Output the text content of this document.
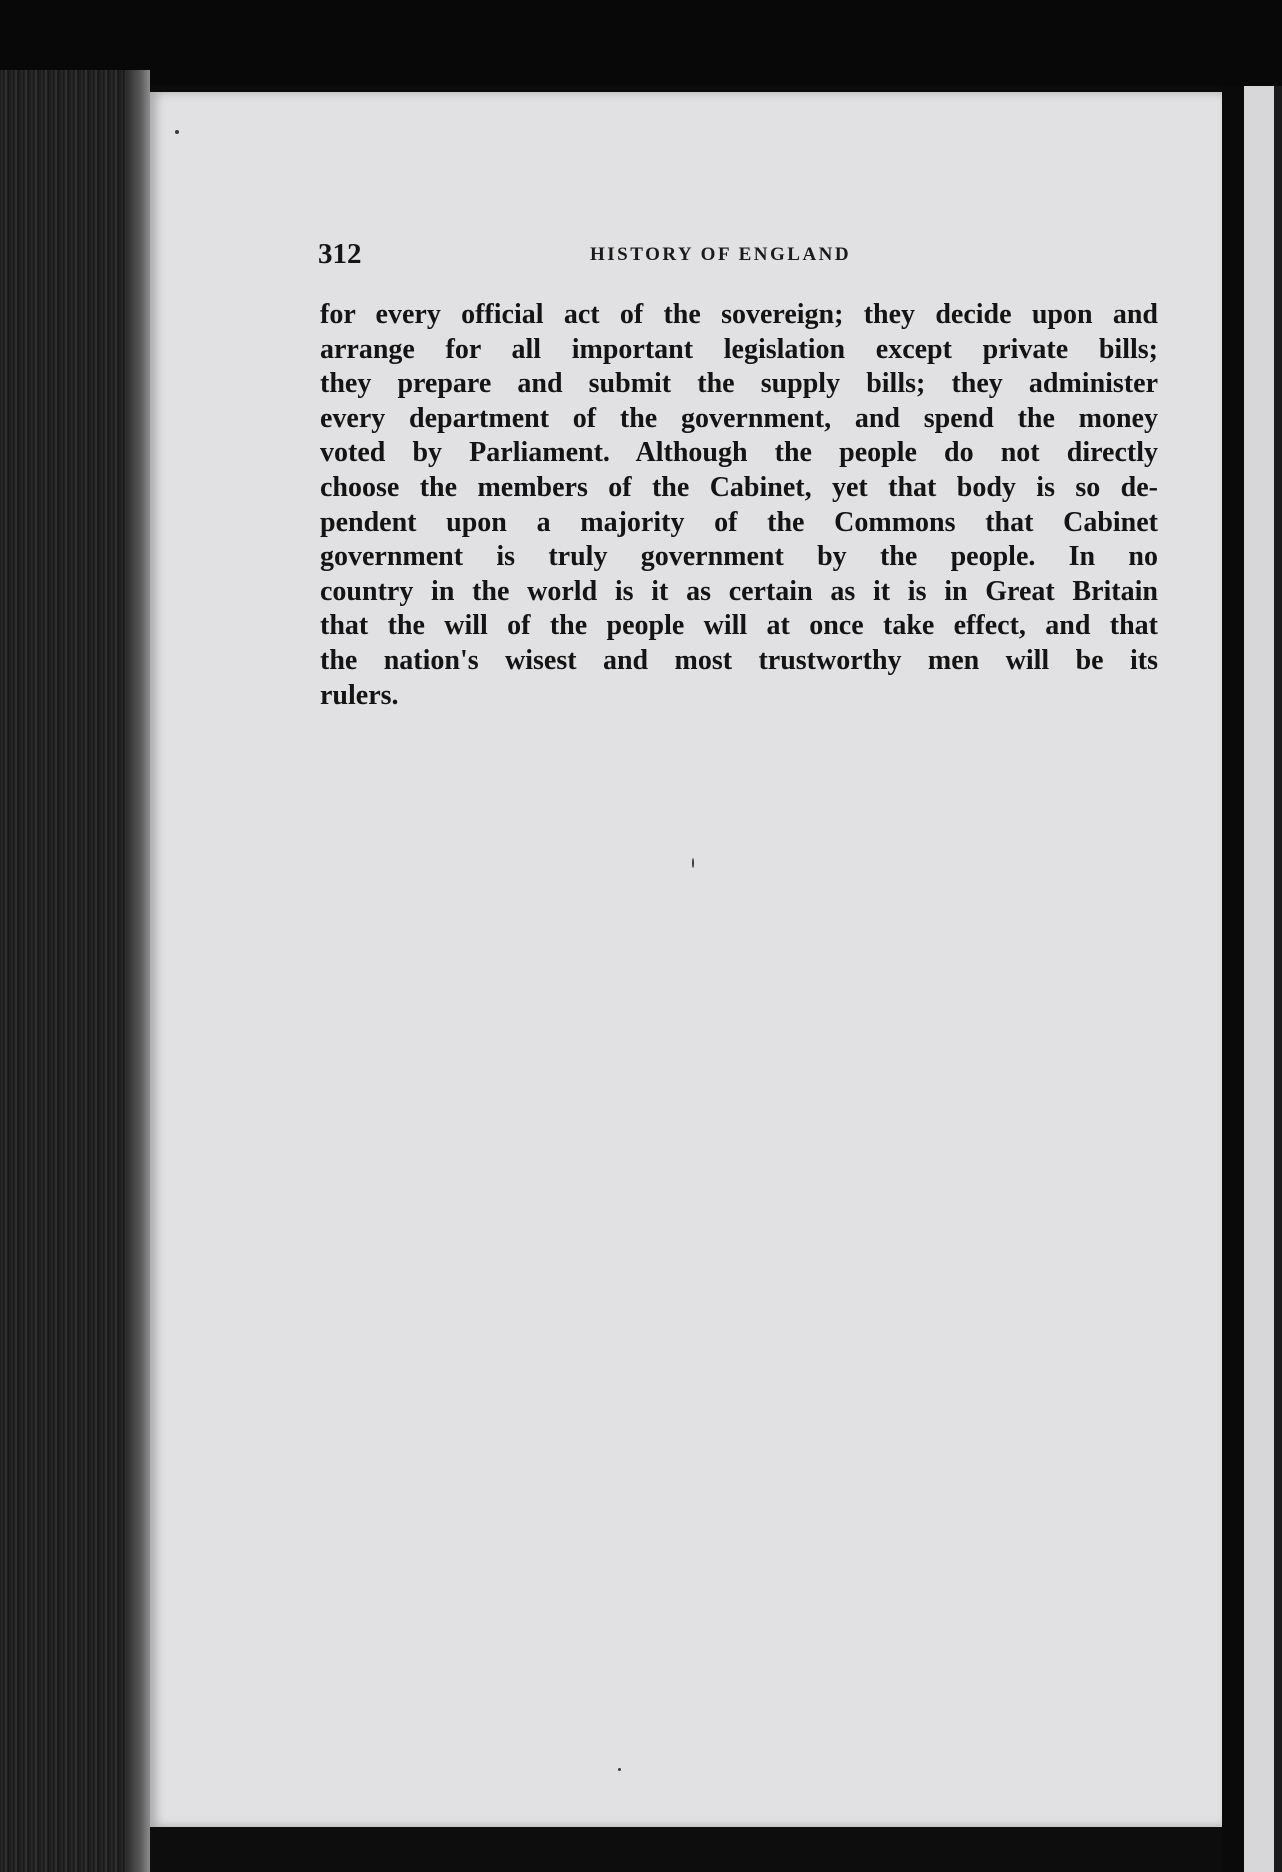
312	HISTORY OF ENGLAND
for every official act of the sovereign; they decide upon and
arrange for all important legislation except private bills;
they prepare and submit the supply bills; they administer
every department of the government, and spend the money
voted by Parliament. Although the people do not directly
choose the members of the Cabinet, yet that body is so de-
pendent upon a majority of the Commons that Cabinet
government is truly government by the people. In no
country in the world is it as certain as it is in Great Britain
that the will of the people will at once take effect, and that
the nation's wisest and most trustworthy men will be its
rulers.
